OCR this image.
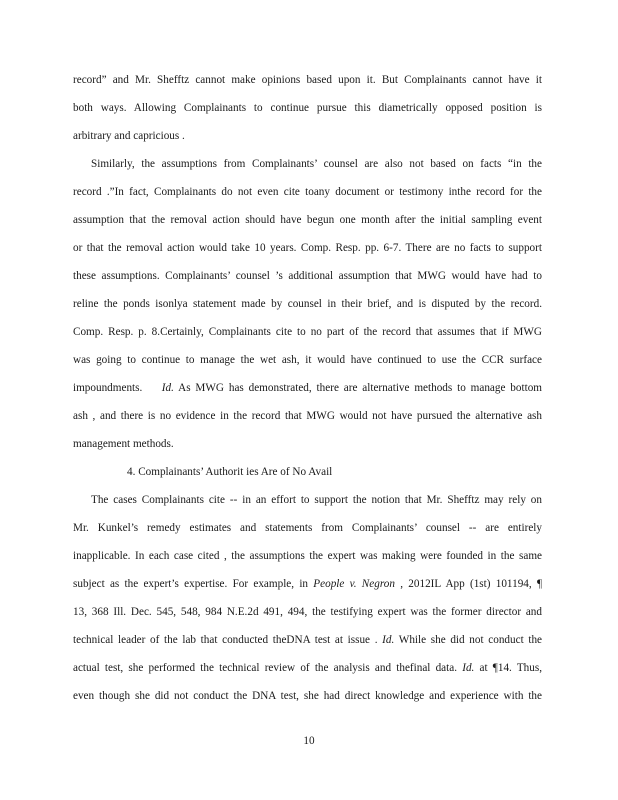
record” and Mr. Shefftz cannot make opinions based upon it. But Complainants cannot have it
both ways. Allowing Complainants to continue pursue this diametrically opposed position is
arbitrary and capricious .
Similarly, the assumptions from Complainants’ counsel are also not based on facts “in the
record .”In fact, Complainants do not even cite toany document or testimony inthe record for the
assumption that the removal action should have begun one month after the initial sampling event
or that the removal action would take 10 years. Comp. Resp. pp. 6-7. There are no facts to support
these assumptions. Complainants’ counsel ’s additional assumption that MWG would have had to
reline the ponds isonlya statement made by counsel in their brief, and is disputed by the record.
Comp. Resp. p. 8.Certainly, Complainants cite to no part of the record that assumes that if MWG
was going to continue to manage the wet ash, it would have continued to use the CCR surface
impoundments. Id. As MWG has demonstrated, there are alternative methods to manage bottom
ash , and there is no evidence in the record that MWG would not have pursued the alternative ash
management methods.
4. Complainants’ Authorit ies Are of No Avail
The cases Complainants cite -- in an effort to support the notion that Mr. Shefftz may rely on
Mr. Kunkel’s remedy estimates and statements from Complainants’ counsel -- are entirely
inapplicable. In each case cited , the assumptions the expert was making were founded in the same
subject as the expert’s expertise. For example, in People v. Negron , 2012IL App (1st) 101194, ¶
13, 368 Ill. Dec. 545, 548, 984 N.E.2d 491, 494, the testifying expert was the former director and
technical leader of the lab that conducted theDNA test at issue . Id. While she did not conduct the
actual test, she performed the technical review of the analysis and thefinal data. Id. at ¶14. Thus,
even though she did not conduct the DNA test, she had direct knowledge and experience with the
10
